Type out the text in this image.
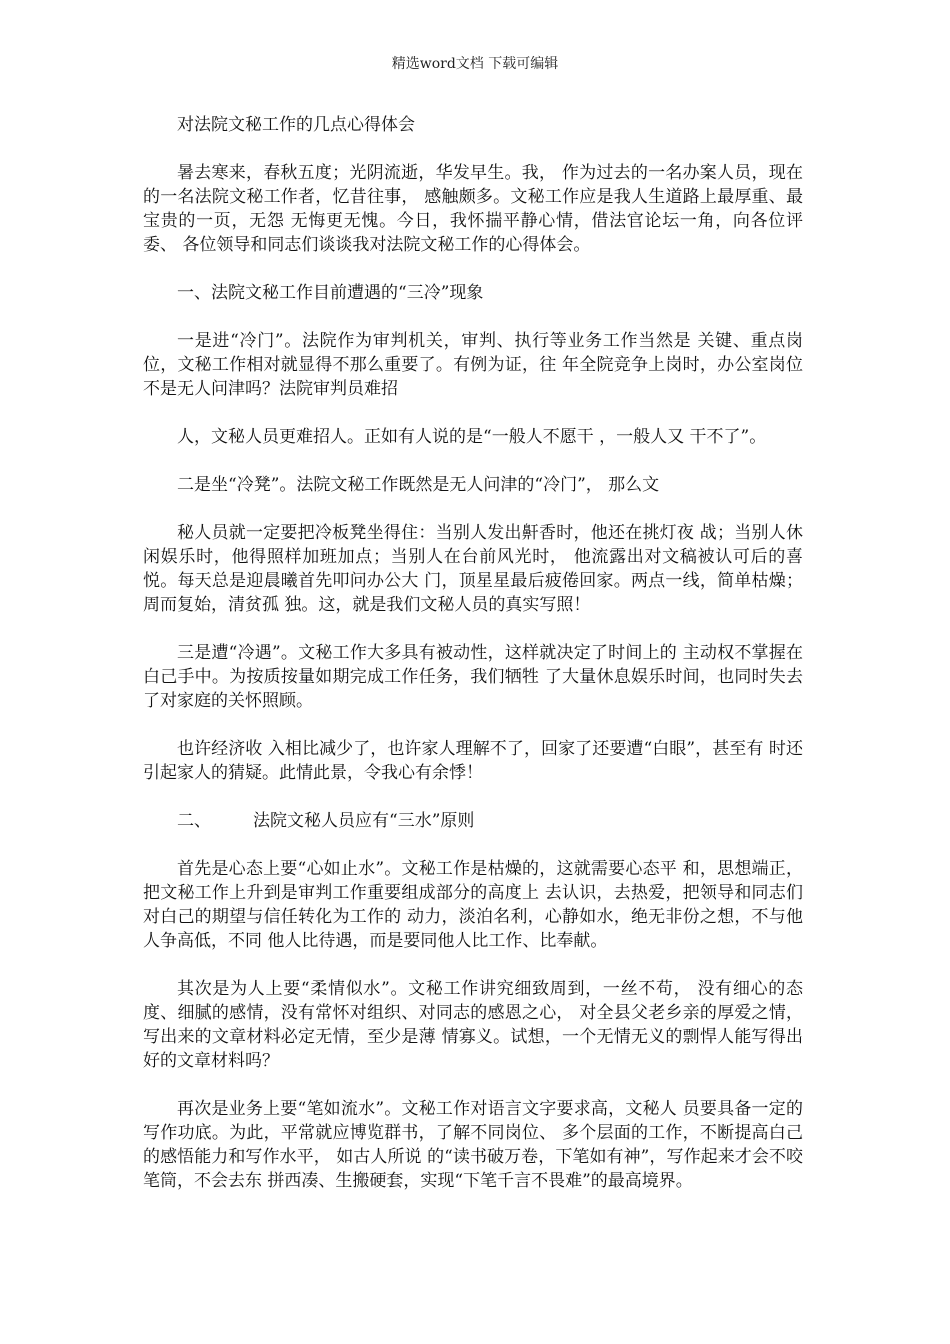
精选word文档 下载可编辑

对法院文秘工作的几点心得体会

暑去寒来，春秋五度；光阴流逝，华发早生。我， 作为过去的一名办案人员，现在的一名法院文秘工作者，忆昔往事， 感触颇多。文秘工作应是我人生道路上最厚重、最宝贵的一页，无怨 无悔更无愧。今日，我怀揣平静心情，借法官论坛一角，向各位评委、 各位领导和同志们谈谈我对法院文秘工作的心得体会。

一、法院文秘工作目前遭遇的“三冷”现象

一是进“冷门”。法院作为审判机关，审判、执行等业务工作当然是 关键、重点岗位，文秘工作相对就显得不那么重要了。有例为证，往 年全院竞争上岗时，办公室岗位不是无人问津吗？法院审判员难招

人，文秘人员更难招人。正如有人说的是“一般人不愿干 ，一般人又 干不了”。

二是坐“冷凳”。法院文秘工作既然是无人问津的“冷门”， 那么文

秘人员就一定要把冷板凳坐得住：当别人发出鼾香时，他还在挑灯夜 战；当别人休闲娱乐时，他得照样加班加点；当别人在台前风光时， 他流露出对文稿被认可后的喜悦。每天总是迎晨曦首先叩问办公大 门，顶星星最后疲倦回家。两点一线，简单枯燥；周而复始，清贫孤 独。这，就是我们文秘人员的真实写照！

三是遭“冷遇”。文秘工作大多具有被动性，这样就决定了时间上的 主动权不掌握在白己手中。为按质按量如期完成工作任务，我们牺牲 了大量休息娱乐时间，也同时失去了对家庭的关怀照顾。

也许经济收 入相比减少了，也许家人理解不了，回家了还要遭“白眼”，甚至有 时还引起家人的猜疑。此情此景，令我心有余悸！

二、 法院文秘人员应有“三水”原则

首先是心态上要“心如止水”。文秘工作是枯燥的，这就需要心态平 和，思想端正，把文秘工作上升到是审判工作重要组成部分的高度上 去认识，去热爱，把领导和同志们对白己的期望与信任转化为工作的 动力，淡泊名利，心静如水，绝无非份之想，不与他人争高低，不同 他人比待遇，而是要同他人比工作、比奉献。

其次是为人上要“柔情似水”。文秘工作讲究细致周到，一丝不苟， 没有细心的态度、细腻的感情，没有常怀对组织、对同志的感恩之心， 对全县父老乡亲的厚爱之情，写出来的文章材料必定无情，至少是薄 情寡义。试想，一个无情无义的剽悍人能写得出好的文章材料吗？

再次是业务上要“笔如流水”。文秘工作对语言文字要求高，文秘人 员要具备一定的写作功底。为此，平常就应博览群书，了解不同岗位、 多个层面的工作，不断提高白己的感悟能力和写作水平， 如古人所说 的“读书破万卷，下笔如有神”，写作起来才会不咬笔筒，不会去东 拼西凑、生搬硬套，实现“下笔千言不畏难”的最高境界。
